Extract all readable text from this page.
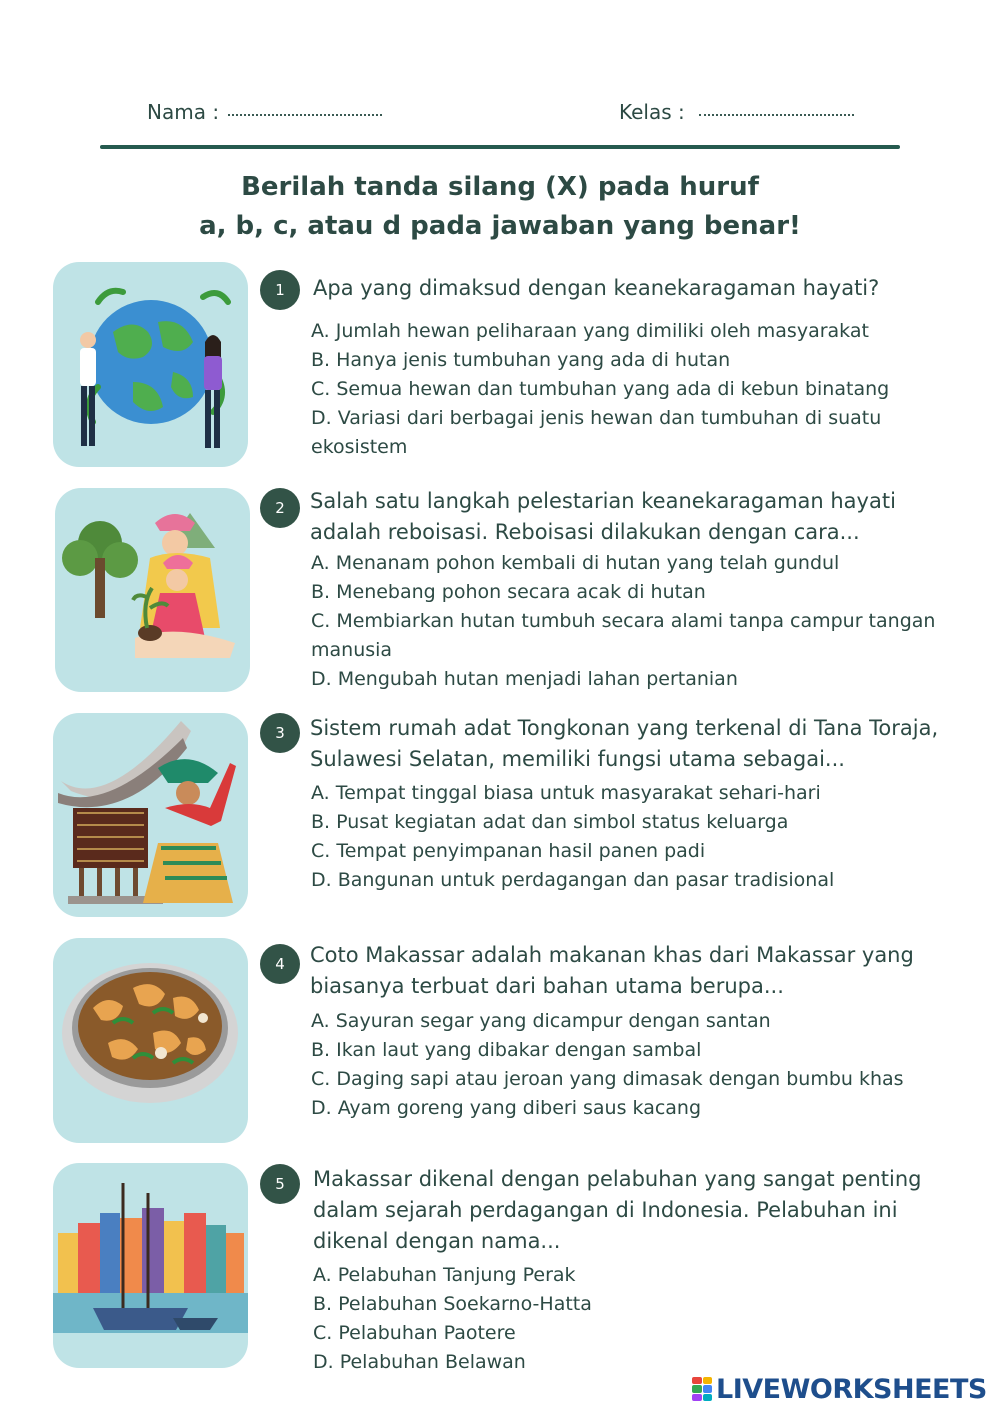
Nama :	Kelas :
Berilah tanda silang (X) pada huruf
a, b, c, atau d pada jawaban yang benar!
1	Apa yang dimaksud dengan keanekaragaman hayati?
A. Jumlah hewan peliharaan yang dimiliki oleh masyarakat
B. Hanya jenis tumbuhan yang ada di hutan
C. Semua hewan dan tumbuhan yang ada di kebun binatang
D. Variasi dari berbagai jenis hewan dan tumbuhan di suatu ekosistem
2	Salah satu langkah pelestarian keanekaragaman hayati adalah reboisasi. Reboisasi dilakukan dengan cara...
A. Menanam pohon kembali di hutan yang telah gundul
B. Menebang pohon secara acak di hutan
C. Membiarkan hutan tumbuh secara alami tanpa campur tangan manusia
D. Mengubah hutan menjadi lahan pertanian
3	Sistem rumah adat Tongkonan yang terkenal di Tana Toraja, Sulawesi Selatan, memiliki fungsi utama sebagai...
A. Tempat tinggal biasa untuk masyarakat sehari-hari
B. Pusat kegiatan adat dan simbol status keluarga
C. Tempat penyimpanan hasil panen padi
D. Bangunan untuk perdagangan dan pasar tradisional
4	Coto Makassar adalah makanan khas dari Makassar yang biasanya terbuat dari bahan utama berupa...
A. Sayuran segar yang dicampur dengan santan
B. Ikan laut yang dibakar dengan sambal
C. Daging sapi atau jeroan yang dimasak dengan bumbu khas
D. Ayam goreng yang diberi saus kacang
5	Makassar dikenal dengan pelabuhan yang sangat penting dalam sejarah perdagangan di Indonesia. Pelabuhan ini dikenal dengan nama...
A. Pelabuhan Tanjung Perak
B. Pelabuhan Soekarno-Hatta
C. Pelabuhan Paotere
D. Pelabuhan Belawan
LIVEWORKSHEETS
